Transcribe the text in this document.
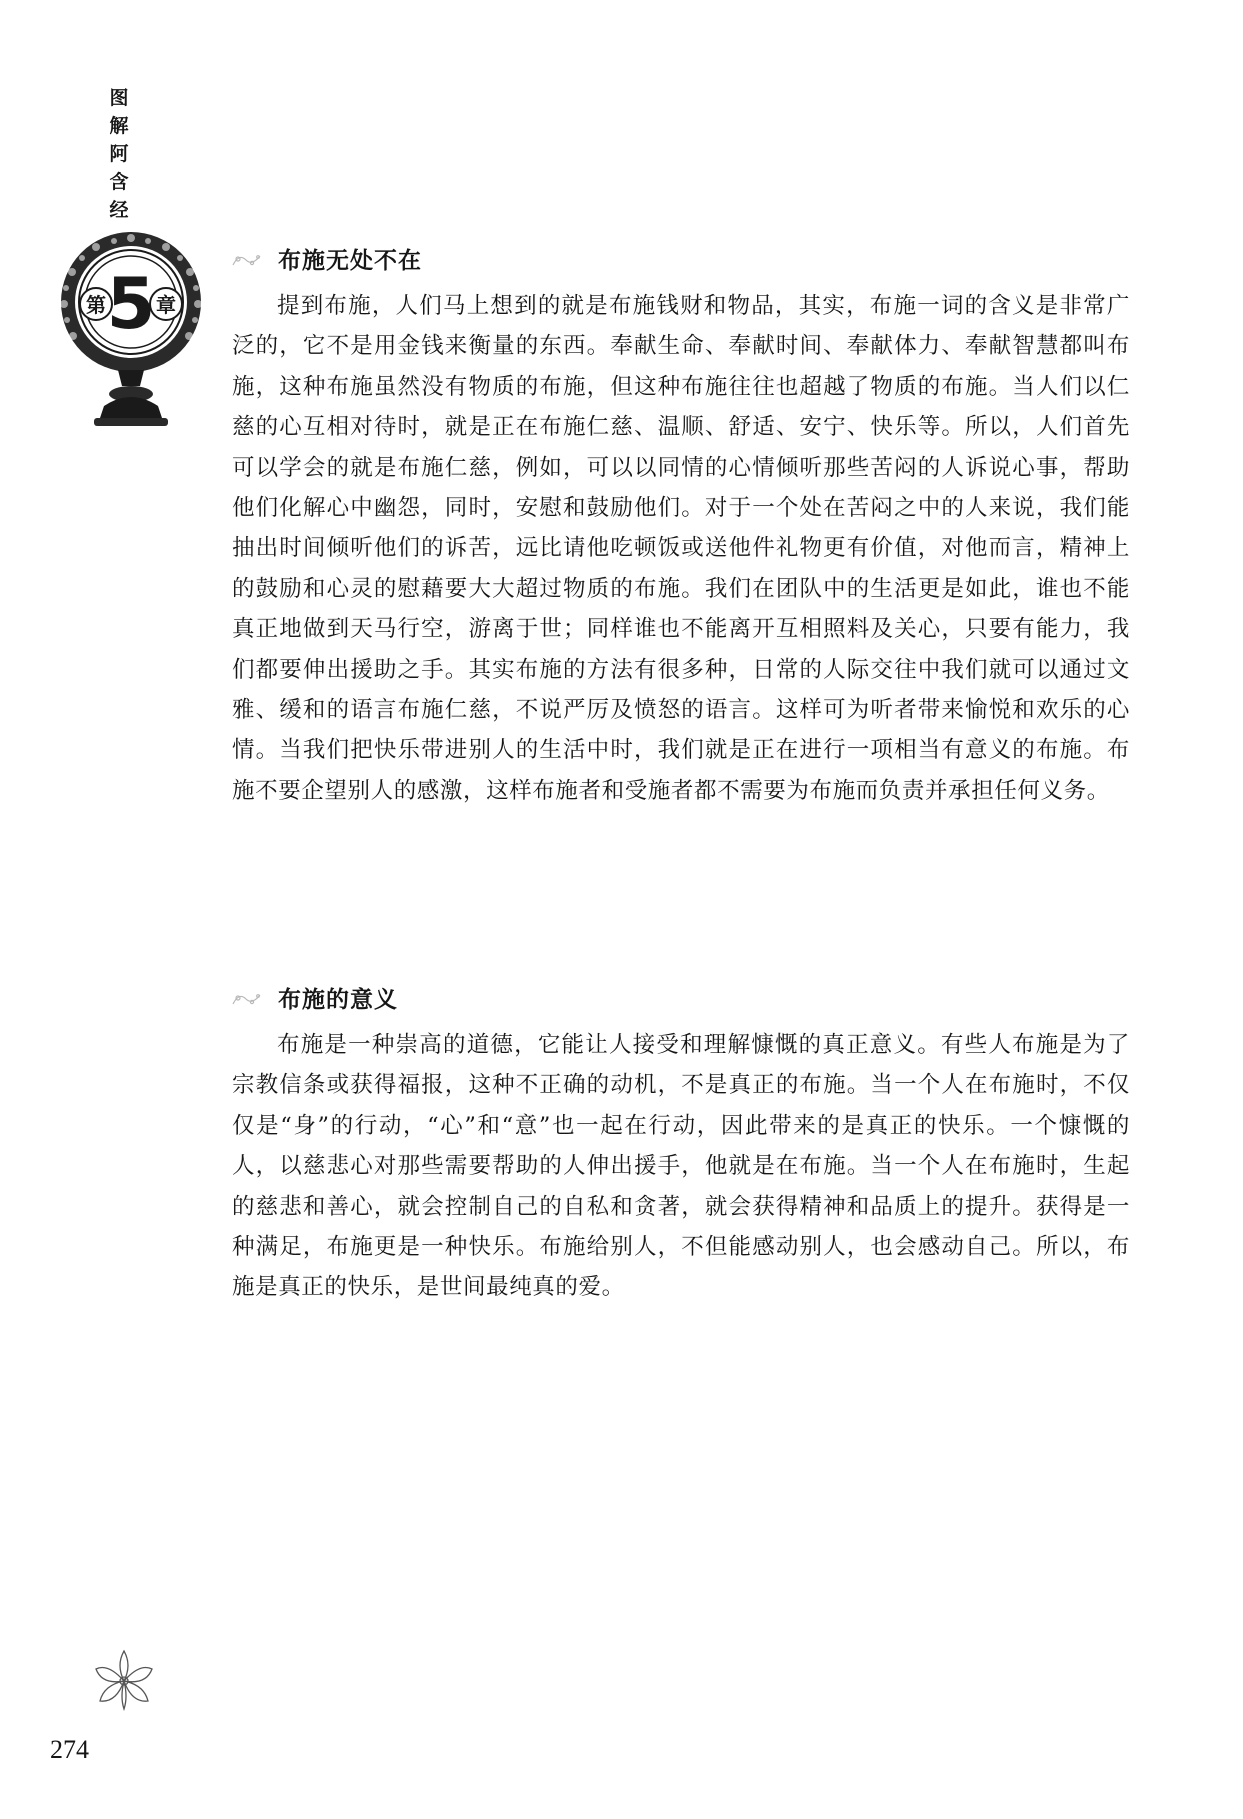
图
解
阿
含
经
5
第	章
布施无处不在

提到布施，人们马上想到的就是布施钱财和物品，其实，布施一词的含义是非常广泛的，它不是用金钱来衡量的东西。奉献生命、奉献时间、奉献体力、奉献智慧都叫布施，这种布施虽然没有物质的布施，但这种布施往往也超越了物质的布施。当人们以仁慈的心互相对待时，就是正在布施仁慈、温顺、舒适、安宁、快乐等。所以，人们首先可以学会的就是布施仁慈，例如，可以以同情的心情倾听那些苦闷的人诉说心事，帮助他们化解心中幽怨，同时，安慰和鼓励他们。对于一个处在苦闷之中的人来说，我们能抽出时间倾听他们的诉苦，远比请他吃顿饭或送他件礼物更有价值，对他而言，精神上的鼓励和心灵的慰藉要大大超过物质的布施。我们在团队中的生活更是如此，谁也不能真正地做到天马行空，游离于世；同样谁也不能离开互相照料及关心，只要有能力，我们都要伸出援助之手。其实布施的方法有很多种，日常的人际交往中我们就可以通过文雅、缓和的语言布施仁慈，不说严厉及愤怒的语言。这样可为听者带来愉悦和欢乐的心情。当我们把快乐带进别人的生活中时，我们就是正在进行一项相当有意义的布施。布施不要企望别人的感激，这样布施者和受施者都不需要为布施而负责并承担任何义务。

布施的意义

布施是一种崇高的道德，它能让人接受和理解慷慨的真正意义。有些人布施是为了宗教信条或获得福报，这种不正确的动机，不是真正的布施。当一个人在布施时，不仅仅是“身”的行动，“心”和“意”也一起在行动，因此带来的是真正的快乐。一个慷慨的人，以慈悲心对那些需要帮助的人伸出援手，他就是在布施。当一个人在布施时，生起的慈悲和善心，就会控制自己的自私和贪著，就会获得精神和品质上的提升。获得是一种满足，布施更是一种快乐。布施给别人，不但能感动别人，也会感动自己。所以，布施是真正的快乐，是世间最纯真的爱。

274
